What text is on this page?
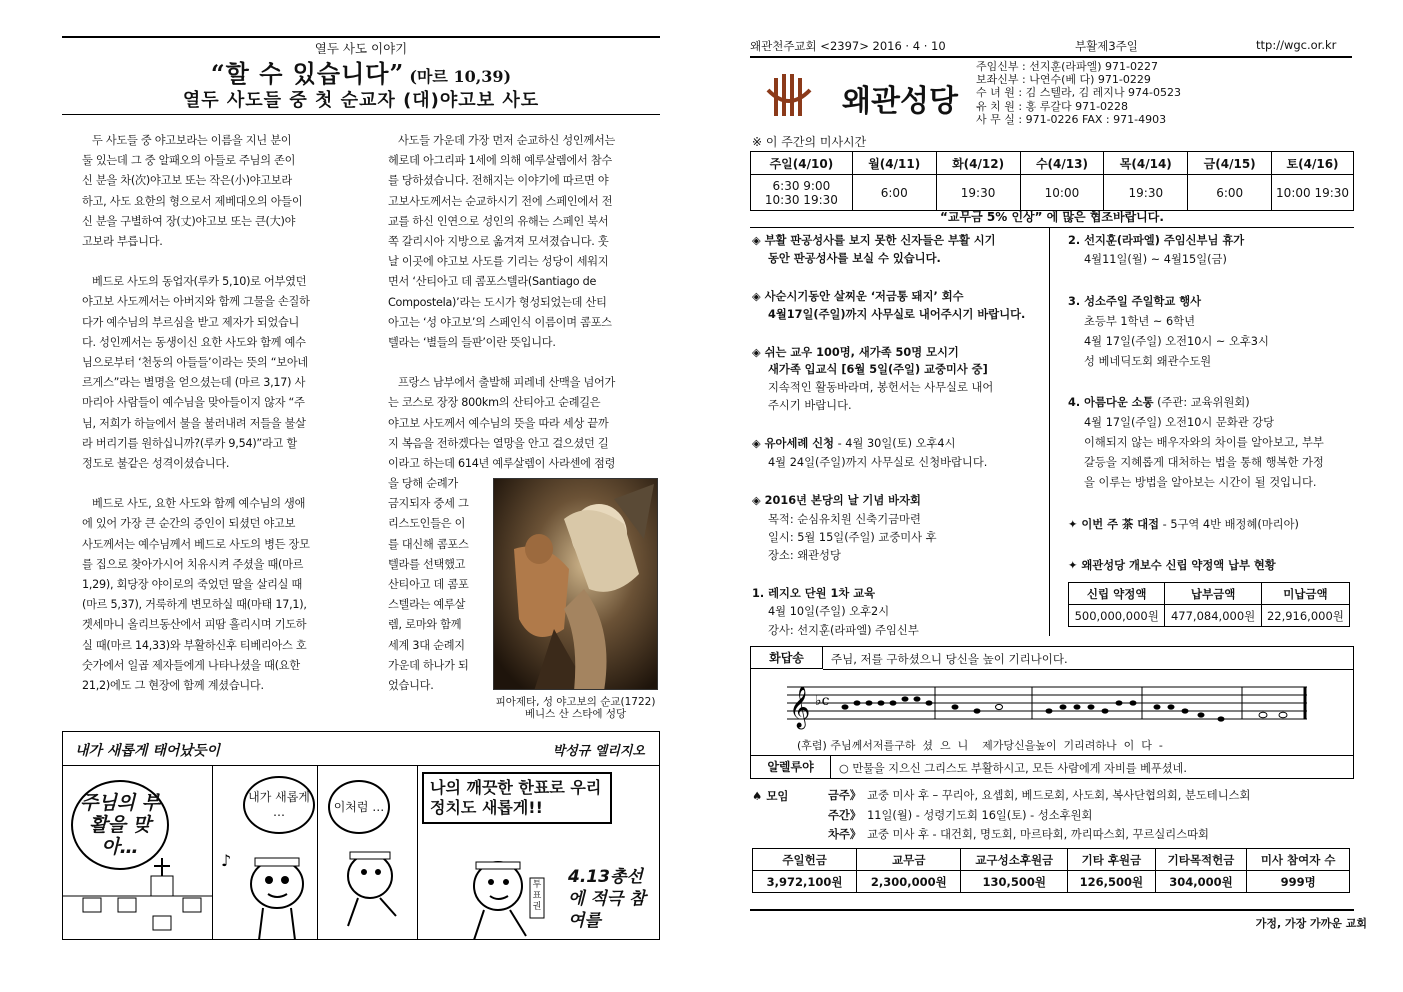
열두 사도 이야기
“할 수 있습니다” (마르 10,39)
열두 사도들 중 첫 순교자 (대)야고보 사도
두 사도들 중 야고보라는 이름을 지닌 분이
둘 있는데 그 중 알패오의 아들로 주님의 존이
신 분을 차(次)야고보 또는 작은(小)야고보라
하고, 사도 요한의 형으로서 제베대오의 아들이
신 분을 구별하여 장(丈)야고보 또는 큰(大)야
고보라 부릅니다.
베드로 사도의 동업자(루카 5,10)로 어부였던
야고보 사도께서는 아버지와 함께 그물을 손질하
다가 예수님의 부르심을 받고 제자가 되었습니
다. 성인께서는 동생이신 요한 사도와 함께 예수
님으로부터 ‘천둥의 아들들’이라는 뜻의 “보아네
르게스”라는 별명을 얻으셨는데 (마르 3,17) 사
마리아 사람들이 예수님을 맞아들이지 않자 “주
님, 저희가 하늘에서 불을 불러내려 저들을 불살
라 버리기를 원하십니까?(루카 9,54)”라고 할
정도로 불같은 성격이셨습니다.
베드로 사도, 요한 사도와 함께 예수님의 생애
에 있어 가장 큰 순간의 증인이 되셨던 야고보
사도께서는 예수님께서 베드로 사도의 병든 장모
를 집으로 찾아가시어 치유시켜 주셨을 때(마르
1,29), 회당장 야이로의 죽었던 딸을 살리실 때
(마르 5,37), 거룩하게 변모하실 때(마태 17,1),
겟세마니 올리브동산에서 피땀 흘리시며 기도하
실 때(마르 14,33)와 부활하신후 티베리아스 호
숫가에서 일곱 제자들에게 나타나셨을 때(요한
21,2)에도 그 현장에 함께 계셨습니다.
사도들 가운데 가장 먼저 순교하신 성인께서는
헤로데 아그리파 1세에 의해 예루살렘에서 참수
를 당하셨습니다. 전해지는 이야기에 따르면 야
고보사도께서는 순교하시기 전에 스페인에서 전
교를 하신 인연으로 성인의 유해는 스페인 북서
쪽 갈리시아 지방으로 옮겨져 모셔졌습니다. 훗
날 이곳에 야고보 사도를 기리는 성당이 세워지
면서 ‘산티아고 데 콤포스텔라(Santiago de
Compostela)’라는 도시가 형성되었는데 산티
아고는 ‘성 야고보’의 스페인식 이름이며 콤포스
텔라는 ‘별들의 들판’이란 뜻입니다.
프랑스 남부에서 출발해 피레네 산맥을 넘어가
는 코스로 장장 800km의 산티아고 순례길은
야고보 사도께서 예수님의 뜻을 따라 세상 끝까
지 복음을 전하겠다는 열망을 안고 걸으셨던 길
이라고 하는데 614년 예루살렘이 사라센에 점령
을 당해 순례가
금지되자 중세 그
리스도인들은 이
를 대신해 콤포스
텔라를 선택했고
산티아고 데 콤포
스텔라는 예루살
렘, 로마와 함께
세계 3대 순례지
가운데 하나가 되
었습니다.
피아제타, 성 야고보의 순교(1722)
베니스 산 스타에 성당
내가 새롭게 태어났듯이	박성규 엘리지오
주님의 부활을 맞아…
내가 새롭게 …
♪
이처럼 …
나의 깨끗한 한표로 우리 정치도 새롭게!!
4.13총선에 적극 참여를
투표권
왜관천주교회 <2397> 2016 · 4 · 10	부활제3주일	ttp://wgc.or.kr
왜관성당
주임신부 : 선지훈(라파엘) 971-0227
보좌신부 : 나연수(베 다) 971-0229
수 녀 원 : 김 스텔라, 김 레지나 974-0523
유 치 원 : 홍 루갈다 971-0228
사 무 실 : 971-0226 FAX : 971-4903
※ 이 주간의 미사시간
주일(4/10)	월(4/11)	화(4/12)	수(4/13)	목(4/14)	금(4/15)	토(4/16)

6:30 9:00
10:30 19:30	6:00	19:30	10:00	19:30	6:00	10:00 19:30
“교무금 5% 인상” 에 많은 협조바랍니다.
◈ 부활 판공성사를 보지 못한 신자들은 부활 시기
동안 판공성사를 보실 수 있습니다.
◈ 사순시기동안 살찌운 ‘저금통 돼지’ 회수
4월17일(주일)까지 사무실로 내어주시기 바랍니다.
◈ 쉬는 교우 100명, 새가족 50명 모시기
새가족 입교식 [6월 5일(주일) 교중미사 중]
지속적인 활동바라며, 봉헌서는 사무실로 내어
주시기 바랍니다.
◈ 유아세례 신청 - 4월 30일(토) 오후4시
4월 24일(주일)까지 사무실로 신청바랍니다.
◈ 2016년 본당의 날 기념 바자회
목적: 순심유치원 신축기금마련
일시: 5월 15일(주일) 교중미사 후
장소: 왜관성당
1. 레지오 단원 1차 교육
4월 10일(주일) 오후2시
강사: 선지훈(라파엘) 주임신부
2. 선지훈(라파엘) 주임신부님 휴가
4월11일(월) ~ 4월15일(금)
3. 성소주일 주일학교 행사
초등부 1학년 ~ 6학년
4월 17일(주일) 오전10시 ~ 오후3시
성 베네딕도회 왜관수도원
4. 아름다운 소통 (주관: 교육위원회)
4월 17일(주일) 오전10시 문화관 강당
이해되지 않는 배우자와의 차이를 알아보고, 부부
갈등을 지혜롭게 대처하는 법을 통해 행복한 가정
을 이루는 방법을 알아보는 시간이 될 것입니다.
✦ 이번 주 茶 대접 - 5구역 4반 배정혜(마리아)
✦ 왜관성당 개보수 신립 약정액 납부 현황
신립 약정액	납부금액	미납금액
500,000,000원	477,084,000원	22,916,000원
화답송	주님, 저를 구하셨으니 당신을 높이 기리나이다.
𝄞 ♭c
(후렴) 주님께서저를구하  셨  으  니    제가당신을높이  기리려하나  이  다  -
알렐루야	○ 만물을 지으신 그리스도 부활하시고, 모든 사람에게 자비를 베푸셨네.
♠ 모임	금주》 교중 미사 후 – 꾸리아, 요셉회, 베드로회, 사도회, 복사단협의회, 분도테니스회
주간》 11일(월) - 성령기도회 16일(토) - 성소후원회
차주》 교중 미사 후 - 대건회, 명도회, 마르타회, 까리따스회, 꾸르실리스따회
주일헌금	교무금	교구성소후원금	기타 후원금	기타목적헌금	미사 참여자 수
3,972,100원	2,300,000원	130,500원	126,500원	304,000원	999명
가정, 가장 가까운 교회
